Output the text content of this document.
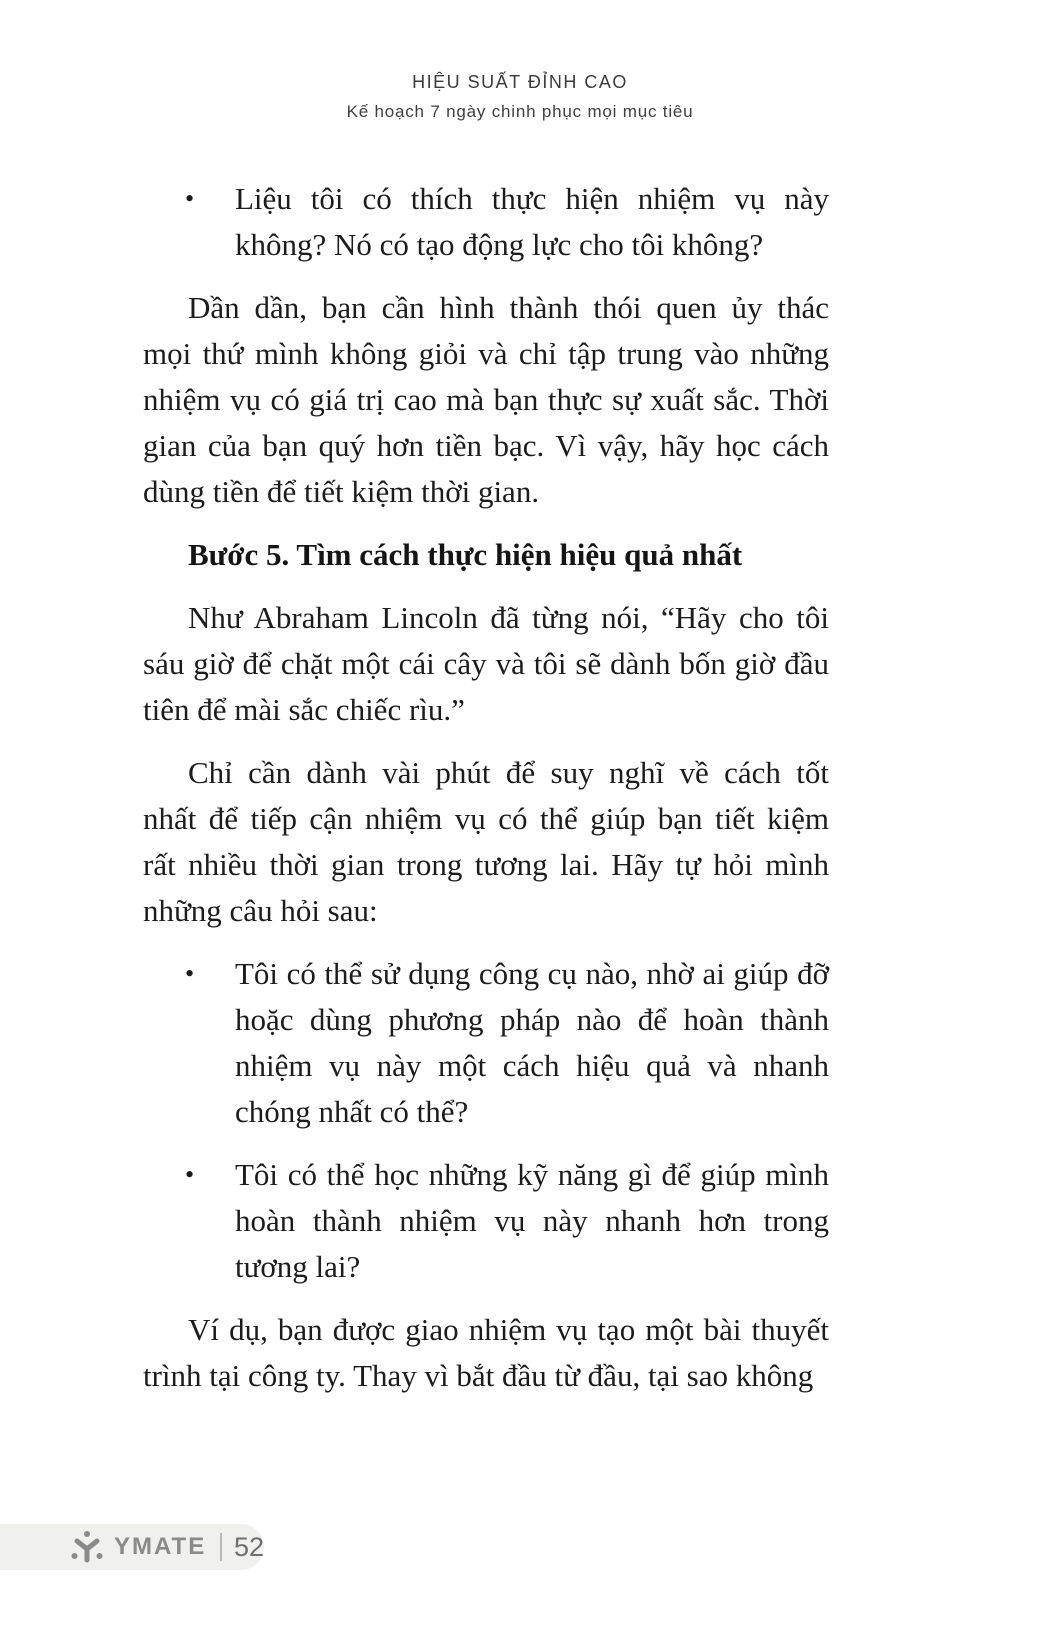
HIỆU SUẤT ĐỈNH CAO
Kế hoạch 7 ngày chinh phục mọi mục tiêu
• Liệu tôi có thích thực hiện nhiệm vụ này
không? Nó có tạo động lực cho tôi không?
Dần dần, bạn cần hình thành thói quen ủy thác
mọi thứ mình không giỏi và chỉ tập trung vào những
nhiệm vụ có giá trị cao mà bạn thực sự xuất sắc. Thời
gian của bạn quý hơn tiền bạc. Vì vậy, hãy học cách
dùng tiền để tiết kiệm thời gian.
Bước 5. Tìm cách thực hiện hiệu quả nhất
Như Abraham Lincoln đã từng nói, “Hãy cho tôi
sáu giờ để chặt một cái cây và tôi sẽ dành bốn giờ đầu
tiên để mài sắc chiếc rìu.”
Chỉ cần dành vài phút để suy nghĩ về cách tốt
nhất để tiếp cận nhiệm vụ có thể giúp bạn tiết kiệm
rất nhiều thời gian trong tương lai. Hãy tự hỏi mình
những câu hỏi sau:
• Tôi có thể sử dụng công cụ nào, nhờ ai giúp đỡ
hoặc dùng phương pháp nào để hoàn thành
nhiệm vụ này một cách hiệu quả và nhanh
chóng nhất có thể?
• Tôi có thể học những kỹ năng gì để giúp mình
hoàn thành nhiệm vụ này nhanh hơn trong
tương lai?
Ví dụ, bạn được giao nhiệm vụ tạo một bài thuyết
trình tại công ty. Thay vì bắt đầu từ đầu, tại sao không
YMATE 52
